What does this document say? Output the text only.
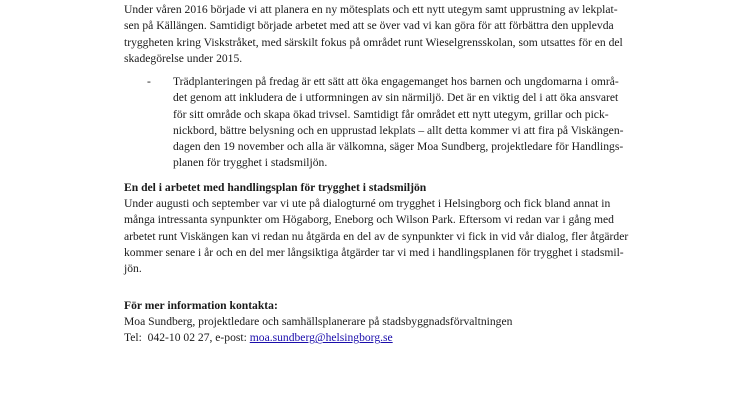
Under våren 2016 började vi att planera en ny mötesplats och ett nytt utegym samt upprustning av lekplat-
sen på Källängen. Samtidigt började arbetet med att se över vad vi kan göra för att förbättra den upplevda
tryggheten kring Viskstråket, med särskilt fokus på området runt Wieselgrensskolan, som utsattes för en del
skadegörelse under 2015.
- Trädplanteringen på fredag är ett sätt att öka engagemanget hos barnen och ungdomarna i områ-
det genom att inkludera de i utformningen av sin närmiljö. Det är en viktig del i att öka ansvaret
för sitt område och skapa ökad trivsel. Samtidigt får området ett nytt utegym, grillar och pick-
nickbord, bättre belysning och en upprustad lekplats – allt detta kommer vi att fira på Viskängen-
dagen den 19 november och alla är välkomna, säger Moa Sundberg, projektledare för Handlings-
planen för trygghet i stadsmiljön.
En del i arbetet med handlingsplan för trygghet i stadsmiljön
Under augusti och september var vi ute på dialogturné om trygghet i Helsingborg och fick bland annat in
många intressanta synpunkter om Högaborg, Eneborg och Wilson Park. Eftersom vi redan var i gång med
arbetet runt Viskängen kan vi redan nu åtgärda en del av de synpunkter vi fick in vid vår dialog, fler åtgärder
kommer senare i år och en del mer långsiktiga åtgärder tar vi med i handlingsplanen för trygghet i stadsmil-
jön.
För mer information kontakta:
Moa Sundberg, projektledare och samhällsplanerare på stadsbyggnadsförvaltningen
Tel:  042-10 02 27, e-post: moa.sundberg@helsingborg.se
